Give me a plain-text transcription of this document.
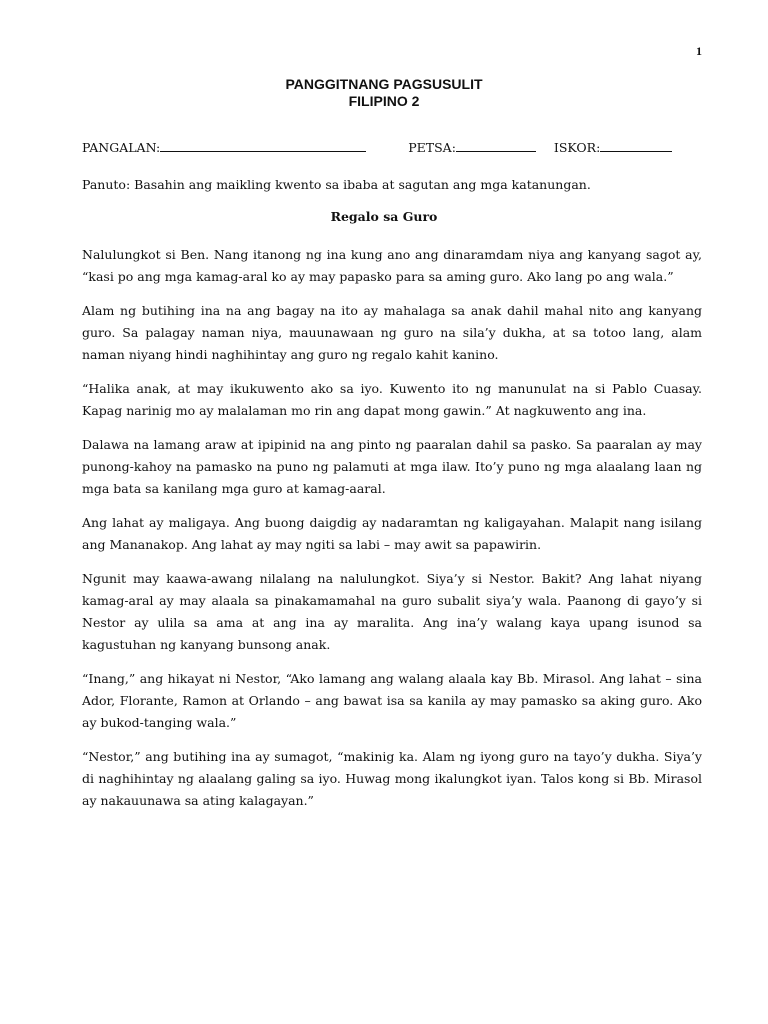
1
PANGGITNANG PAGSUSULIT
FILIPINO 2
PANGALAN:	PETSA:	ISKOR:
Panuto: Basahin ang maikling kwento sa ibaba at sagutan ang mga katanungan.
Regalo sa Guro

Nalulungkot si Ben. Nang itanong ng ina kung ano ang dinaramdam niya ang kanyang sagot ay, “kasi po ang mga kamag-aral ko ay may papasko para sa aming guro. Ako lang po ang wala.”

Alam ng butihing ina na ang bagay na ito ay mahalaga sa anak dahil mahal nito ang kanyang guro. Sa palagay naman niya, mauunawaan ng guro na sila’y dukha, at sa totoo lang, alam naman niyang hindi naghihintay ang guro ng regalo kahit kanino.

“Halika anak, at may ikukuwento ako sa iyo. Kuwento ito ng manunulat na si Pablo Cuasay. Kapag narinig mo ay malalaman mo rin ang dapat mong gawin.” At nagkuwento ang ina.

Dalawa na lamang araw at ipipinid na ang pinto ng paaralan dahil sa pasko. Sa paaralan ay may punong-kahoy na pamasko na puno ng palamuti at mga ilaw. Ito’y puno ng mga alaalang laan ng mga bata sa kanilang mga guro at kamag-aaral.

Ang lahat ay maligaya. Ang buong daigdig ay nadaramtan ng kaligayahan. Malapit nang isilang ang Mananakop. Ang lahat ay may ngiti sa labi – may awit sa papawirin.

Ngunit may kaawa-awang nilalang na nalulungkot. Siya’y si Nestor. Bakit? Ang lahat niyang kamag-aral ay may alaala sa pinakamamahal na guro subalit siya’y wala. Paanong di gayo’y si Nestor ay ulila sa ama at ang ina ay maralita. Ang ina’y walang kaya upang isunod sa kagustuhan ng kanyang bunsong anak.

“Inang,” ang hikayat ni Nestor, “Ako lamang ang walang alaala kay Bb. Mirasol. Ang lahat – sina Ador, Florante, Ramon at Orlando – ang bawat isa sa kanila ay may pamasko sa aking guro. Ako ay bukod-tanging wala.”

“Nestor,” ang butihing ina ay sumagot, “makinig ka. Alam ng iyong guro na tayo’y dukha. Siya’y di naghihintay ng alaalang galing sa iyo. Huwag mong ikalungkot iyan. Talos kong si Bb. Mirasol ay nakauunawa sa ating kalagayan.”
